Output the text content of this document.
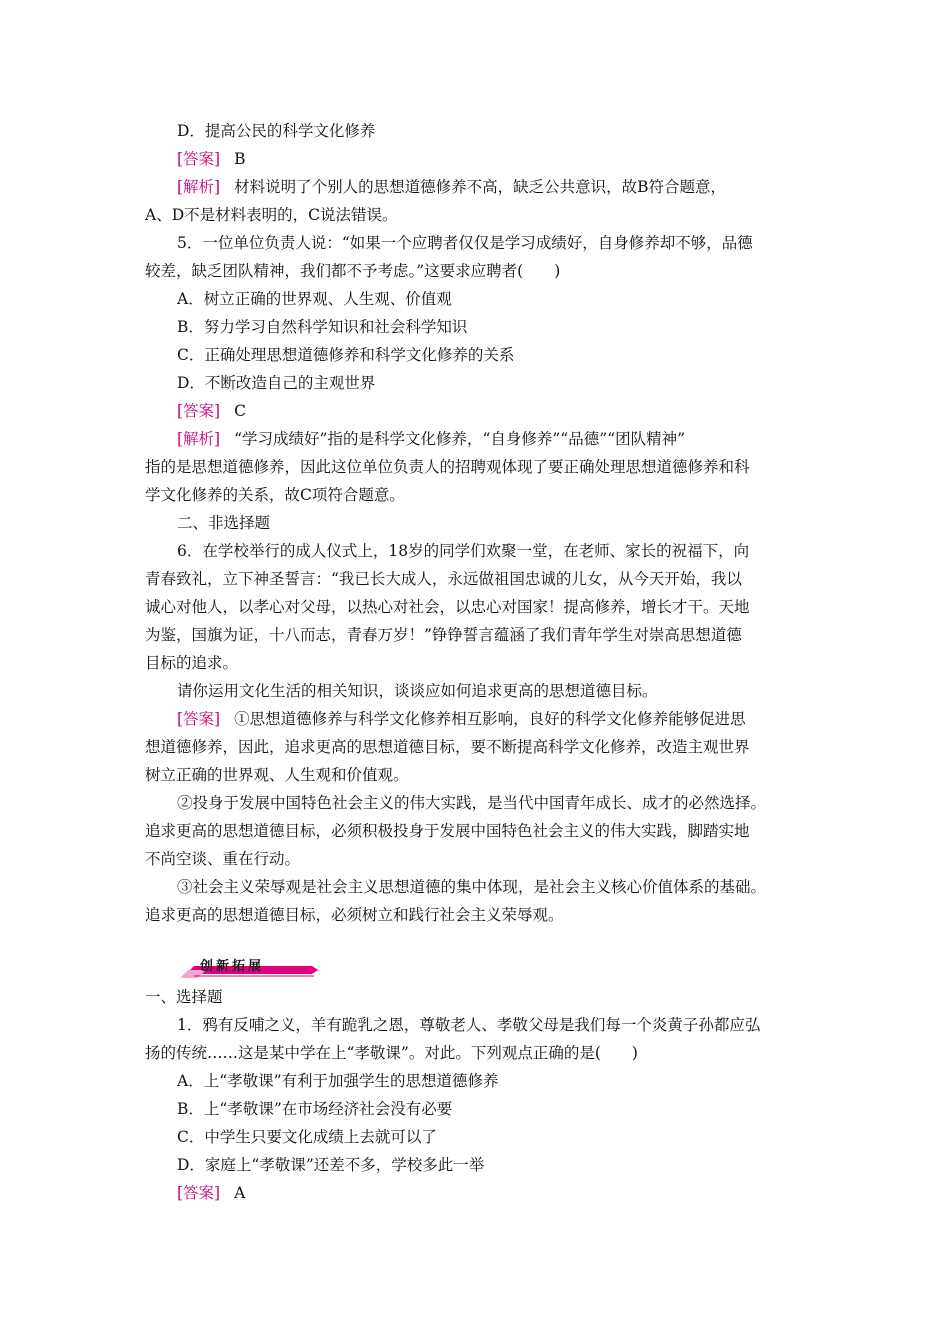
D．提高公民的科学文化修养
[答案] B
[解析] 材料说明了个别人的思想道德修养不高，缺乏公共意识，故B符合题意，
A、D不是材料表明的，C说法错误。
5．一位单位负责人说：“如果一个应聘者仅仅是学习成绩好，自身修养却不够，品德
较差，缺乏团队精神，我们都不予考虑。”这要求应聘者(　　)
A．树立正确的世界观、人生观、价值观
B．努力学习自然科学知识和社会科学知识
C．正确处理思想道德修养和科学文化修养的关系
D．不断改造自己的主观世界
[答案] C
[解析] “学习成绩好”指的是科学文化修养，“自身修养”“品德”“团队精神”
指的是思想道德修养，因此这位单位负责人的招聘观体现了要正确处理思想道德修养和科
学文化修养的关系，故C项符合题意。
二、非选择题
6．在学校举行的成人仪式上，18岁的同学们欢聚一堂，在老师、家长的祝福下，向
青春致礼，立下神圣誓言：“我已长大成人，永远做祖国忠诚的儿女，从今天开始，我以
诚心对他人，以孝心对父母，以热心对社会，以忠心对国家！提高修养，增长才干。天地
为鉴，国旗为证，十八而志，青春万岁！”铮铮誓言蕴涵了我们青年学生对崇高思想道德
目标的追求。
请你运用文化生活的相关知识，谈谈应如何追求更高的思想道德目标。
[答案] ①思想道德修养与科学文化修养相互影响，良好的科学文化修养能够促进思
想道德修养，因此，追求更高的思想道德目标，要不断提高科学文化修养，改造主观世界
树立正确的世界观、人生观和价值观。
②投身于发展中国特色社会主义的伟大实践，是当代中国青年成长、成才的必然选择。
追求更高的思想道德目标，必须积极投身于发展中国特色社会主义的伟大实践，脚踏实地
不尚空谈、重在行动。
③社会主义荣辱观是社会主义思想道德的集中体现，是社会主义核心价值体系的基础。
追求更高的思想道德目标，必须树立和践行社会主义荣辱观。
创新拓展
一、选择题
1．鸦有反哺之义，羊有跪乳之恩，尊敬老人、孝敬父母是我们每一个炎黄子孙都应弘
扬的传统……这是某中学在上“孝敬课”。对此。下列观点正确的是(　　)
A．上“孝敬课”有利于加强学生的思想道德修养
B．上“孝敬课”在市场经济社会没有必要
C．中学生只要文化成绩上去就可以了
D．家庭上“孝敬课”还差不多，学校多此一举
[答案] A
